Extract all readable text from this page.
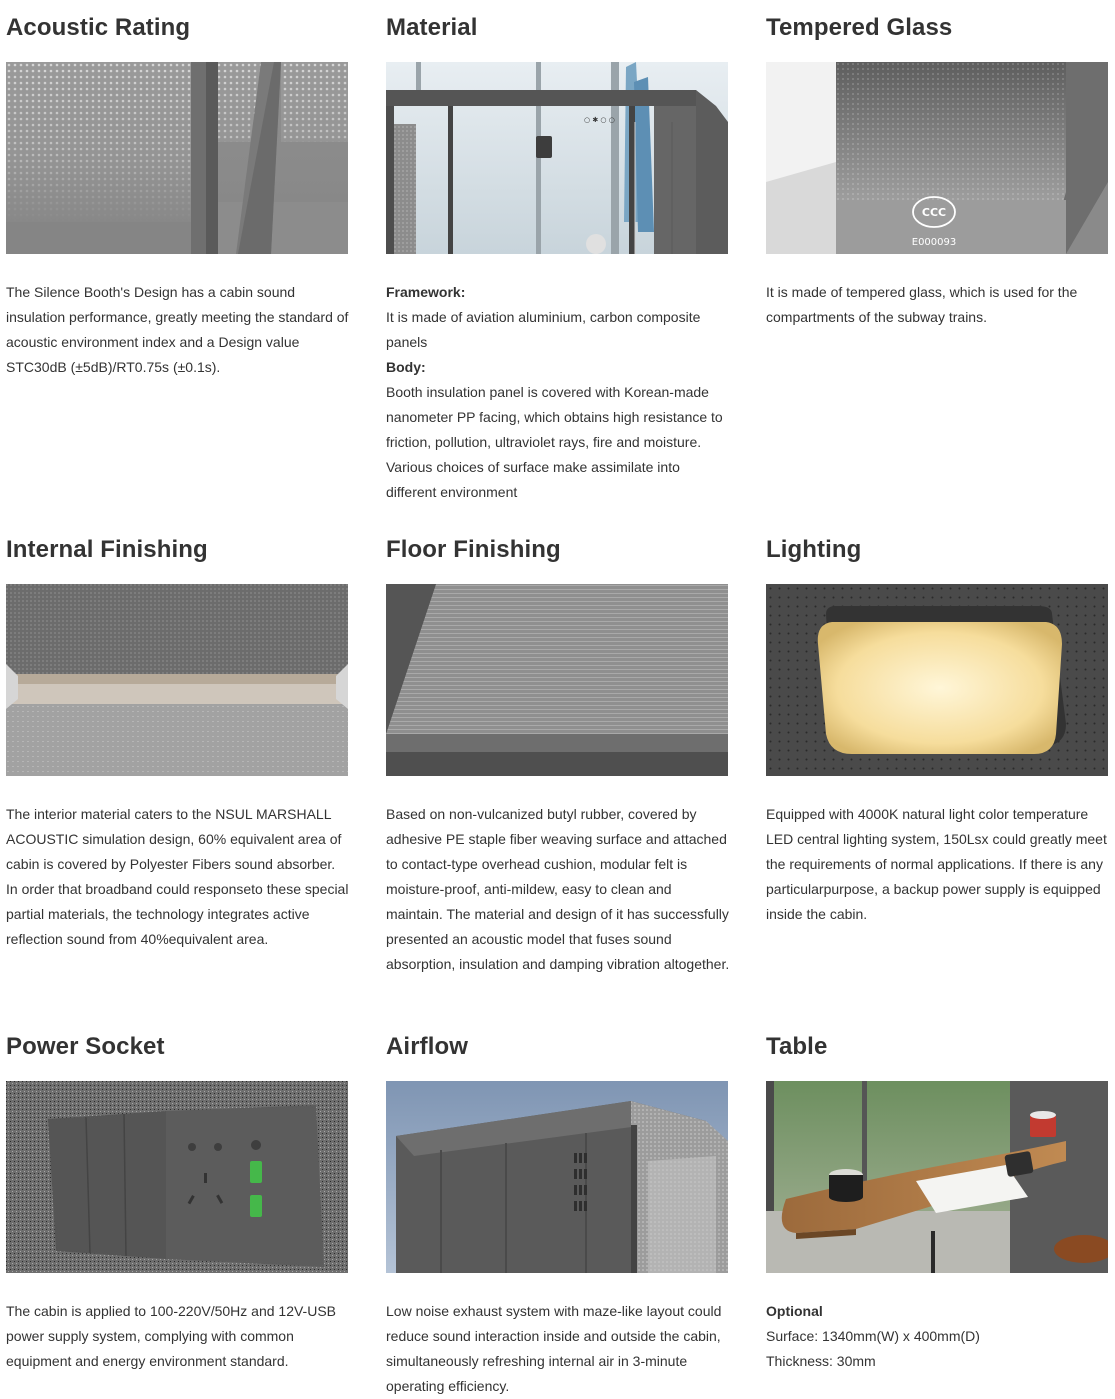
Acoustic Rating

The Silence Booth's Design has a cabin sound insulation performance, greatly meeting the standard of acoustic environment index and a Design value STC30dB (±5dB)/RT0.75s (±0.1s).

Material
○ ✱ ○ ○

Framework:

It is made of aviation aluminium, carbon composite panels

Body:

Booth insulation panel is covered with Korean-made nanometer PP facing, which obtains high resistance to friction, pollution, ultraviolet rays, fire and moisture. Various choices of surface make assimilate into different environment

Tempered Glass
CCC
E000093

It is made of tempered glass, which is used for the compartments of the subway trains.

Internal Finishing

The interior material caters to the NSUL MARSHALL ACOUSTIC simulation design, 60% equivalent area of cabin is covered by Polyester Fibers sound absorber. In order that broadband could responseto these special partial materials, the technology integrates active reflection sound from 40%equivalent area.

Floor Finishing

Based on non-vulcanized butyl rubber, covered by adhesive PE staple fiber weaving surface and attached to contact-type overhead cushion, modular felt is moisture-proof, anti-mildew, easy to clean and maintain. The material and design of it has successfully presented an acoustic model that fuses sound absorption, insulation and damping vibration altogether.

Lighting

Equipped with 4000K natural light color temperature LED central lighting system, 150Lsx could greatly meet the requirements of normal applications. If there is any particularpurpose, a backup power supply is equipped inside the cabin.

Power Socket

The cabin is applied to 100-220V/50Hz and 12V-USB power supply system, complying with common equipment and energy environment standard.

Airflow

Low noise exhaust system with maze-like layout could reduce sound interaction inside and outside the cabin, simultaneously refreshing internal air in 3-minute operating efficiency.

Table

Optional

Surface: 1340mm(W) x 400mm(D)

Thickness: 30mm
